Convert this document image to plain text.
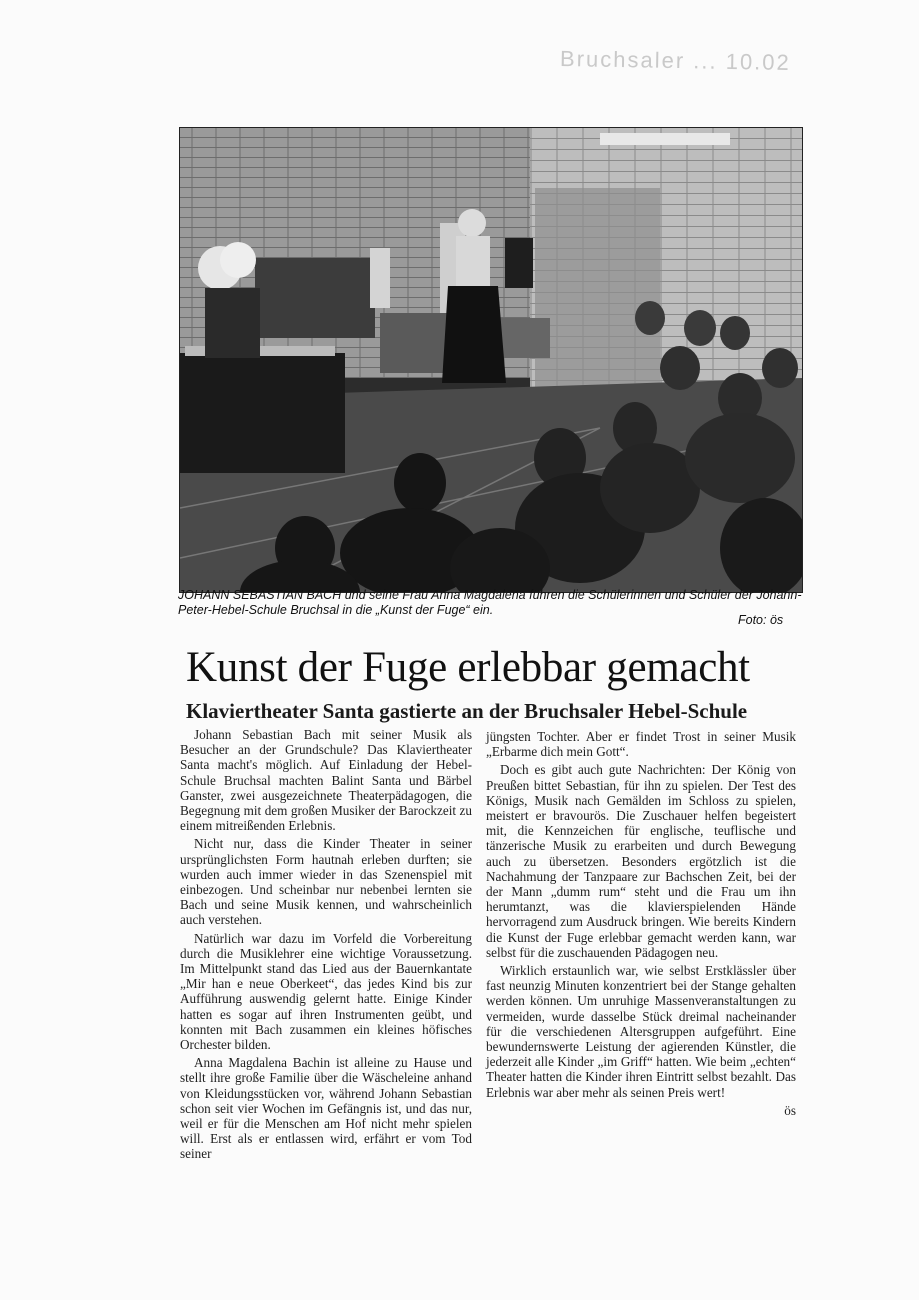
Bruchsaler ... 10.02
JOHANN SEBASTIAN BACH und seine Frau Anna Magdalena führen die Schülerinnen und Schüler der Johann-Peter-Hebel-Schule Bruchsal in die „Kunst der Fuge“ ein.
Foto: ös
Kunst der Fuge erlebbar gemacht
Klaviertheater Santa gastierte an der Bruchsaler Hebel-Schule

Johann Sebastian Bach mit seiner Musik als Besucher an der Grundschule? Das Klaviertheater Santa macht's möglich. Auf Einladung der Hebel-Schule Bruchsal machten Balint Santa und Bärbel Ganster, zwei ausgezeichnete Theaterpädagogen, die Begegnung mit dem großen Musiker der Barockzeit zu einem mitreißenden Erlebnis.

Nicht nur, dass die Kinder Theater in seiner ursprünglichsten Form hautnah erleben durften; sie wurden auch immer wieder in das Szenenspiel mit einbezogen. Und scheinbar nur nebenbei lernten sie Bach und seine Musik kennen, und wahrscheinlich auch verstehen.

Natürlich war dazu im Vorfeld die Vorbereitung durch die Musiklehrer eine wichtige Voraussetzung. Im Mittelpunkt stand das Lied aus der Bauernkantate „Mir han e neue Oberkeet“, das jedes Kind bis zur Aufführung auswendig gelernt hatte. Einige Kinder hatten es sogar auf ihren Instrumenten geübt, und konnten mit Bach zusammen ein kleines höfisches Orchester bilden.

Anna Magdalena Bachin ist alleine zu Hause und stellt ihre große Familie über die Wäscheleine anhand von Kleidungsstücken vor, während Johann Sebastian schon seit vier Wochen im Gefängnis ist, und das nur, weil er für die Menschen am Hof nicht mehr spielen will. Erst als er entlassen wird, erfährt er vom Tod seiner

jüngsten Tochter. Aber er findet Trost in seiner Musik „Erbarme dich mein Gott“.

Doch es gibt auch gute Nachrichten: Der König von Preußen bittet Sebastian, für ihn zu spielen. Der Test des Königs, Musik nach Gemälden im Schloss zu spielen, meistert er bravourös. Die Zuschauer helfen begeistert mit, die Kennzeichen für englische, teuflische und tänzerische Musik zu erarbeiten und durch Bewegung auch zu übersetzen. Besonders ergötzlich ist die Nachahmung der Tanzpaare zur Bachschen Zeit, bei der der Mann „dumm rum“ steht und die Frau um ihn herumtanzt, was die klavierspielenden Hände hervorragend zum Ausdruck bringen. Wie bereits Kindern die Kunst der Fuge erlebbar gemacht werden kann, war selbst für die zuschauenden Pädagogen neu.

Wirklich erstaunlich war, wie selbst Erstklässler über fast neunzig Minuten konzentriert bei der Stange gehalten werden können. Um unruhige Massenveranstaltungen zu vermeiden, wurde dasselbe Stück dreimal nacheinander für die verschiedenen Altersgruppen aufgeführt. Eine bewundernswerte Leistung der agierenden Künstler, die jederzeit alle Kinder „im Griff“ hatten. Wie beim „echten“ Theater hatten die Kinder ihren Eintritt selbst bezahlt. Das Erlebnis war aber mehr als seinen Preis wert!

ös
